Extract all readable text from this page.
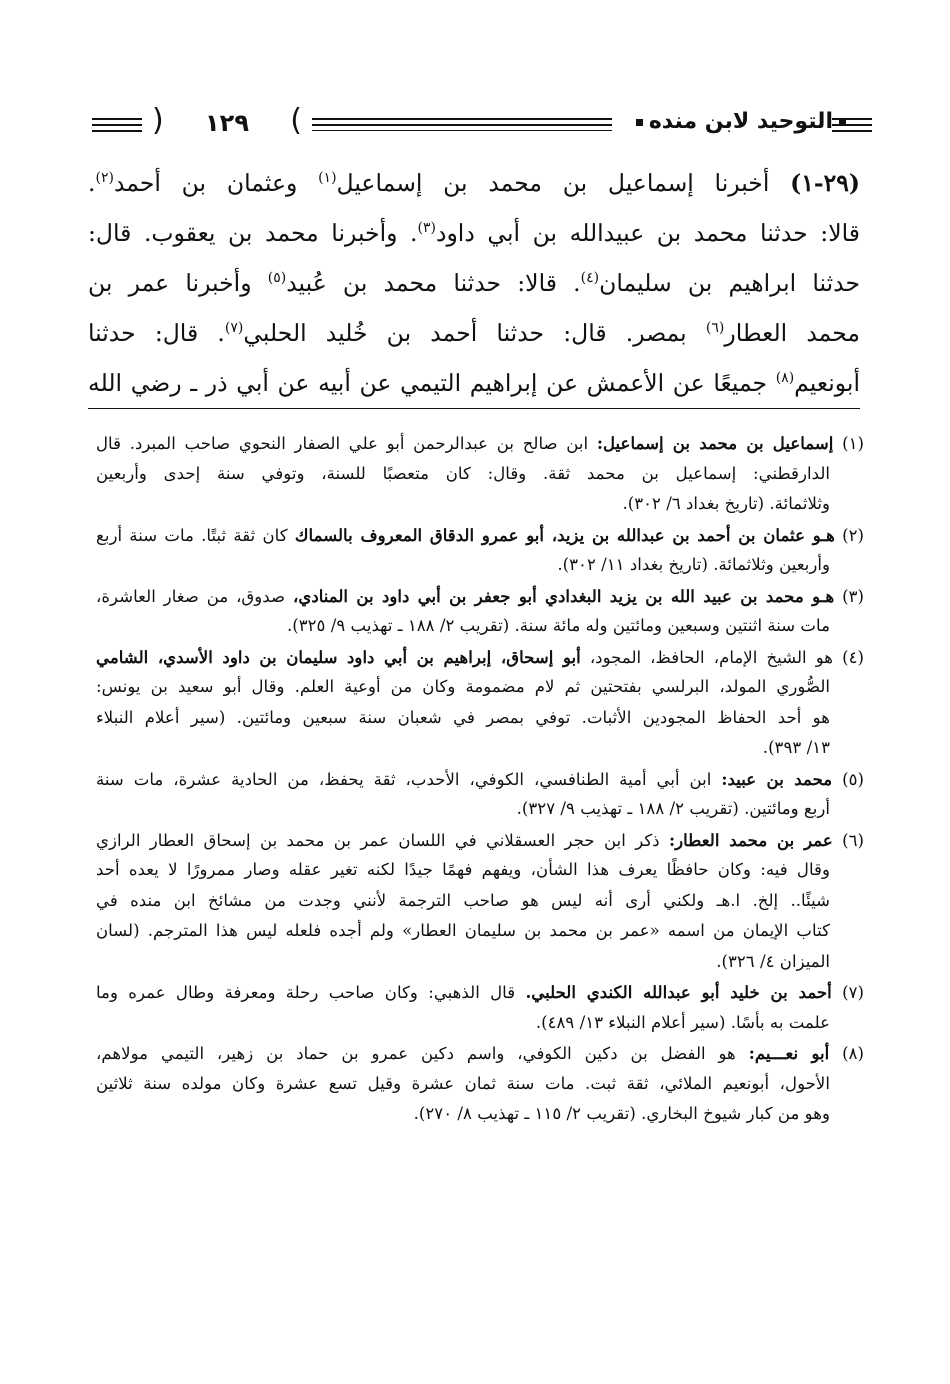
( ١٢٩ )	التوحيد لابن منده
(٢٩-١) أخبرنا إسماعيل بن محمد بن إسماعيل$^{(١)}$ وعثمان بن أحمد$^{(٢)}$.
قالا: حدثنا محمد بن عبيدالله بن أبي داود$^{(٣)}$. وأخبرنا محمد بن يعقوب. قال:
حدثنا ابراهيم بن سليمان$^{(٤)}$. قالا: حدثنا محمد بن عُبيد$^{(٥)}$ وأخبرنا عمر بن
محمد العطار$^{(٦)}$ بمصر. قال: حدثنا أحمد بن خُليد الحلبي$^{(٧)}$. قال: حدثنا
أبونعيم$^{(٨)}$ جميعًا عن الأعمش عن إبراهيم التيمي عن أبيه عن أبي ذر ـ رضي الله
(١) إسماعيل بن محمد بن إسماعيل: ابن صالح بن عبدالرحمن أبو علي الصفار النحوي صاحب المبرد. قال
الدارقطني: إسماعيل بن محمد ثقة. وقال: كان متعصبًا للسنة، وتوفي سنة إحدى وأربعين
وثلاثمائة. (تاريخ بغداد ٦/ ٣٠٢).
(٢) هـو عثمان بن أحمد بن عبدالله بن يزيد، أبو عمرو الدقاق المعروف بالسماك كان ثقة ثبتًا. مات سنة أربع
وأربعين وثلاثمائة. (تاريخ بغداد ١١/ ٣٠٢).
(٣) هـو محمد بن عبيد الله بن يزيد البغدادي أبو جعفر بن أبي داود بن المنادي، صدوق، من صغار العاشرة،
مات سنة اثنتين وسبعين ومائتين وله مائة سنة. (تقريب ٢/ ١٨٨ ـ تهذيب ٩/ ٣٢٥).
(٤) هو الشيخ الإمام، الحافظ، المجود، أبو إسحاق، إبراهيم بن أبي داود سليمان بن داود الأسدي، الشامي
الصُّوري المولد، البرلسي بفتحتين ثم لام مضمومة وكان من أوعية العلم. وقال أبو سعيد بن يونس:
هو أحد الحفاظ المجودين الأثبات. توفي بمصر في شعبان سنة سبعين ومائتين. (سير أعلام النبلاء
١٣/ ٣٩٣).
(٥) محمد بن عبيد: ابن أبي أمية الطنافسي، الكوفي، الأحدب، ثقة يحفظ، من الحادية عشرة، مات سنة
أربع ومائتين. (تقريب ٢/ ١٨٨ ـ تهذيب ٩/ ٣٢٧).
(٦) عمر بن محمد العطار: ذكر ابن حجر العسقلاني في اللسان عمر بن محمد بن إسحاق العطار الرازي
وقال فيه: وكان حافظًا يعرف هذا الشأن، ويفهم فهمًا جيدًا لكنه تغير عقله وصار ممرورًا لا يعده أحد
شيئًا.. إلخ. ا.هـ ولكني أرى أنه ليس هو صاحب الترجمة لأنني وجدت من مشائخ ابن منده في
كتاب الإيمان من اسمه «عمر بن محمد بن سليمان العطار» ولم أجده فلعله ليس هذا المترجم. (لسان
الميزان ٤/ ٣٢٦).
(٧) أحمد بن خليد أبو عبدالله الكندي الحلبي. قال الذهبي: وكان صاحب رحلة ومعرفة وطال عمره وما
علمت به بأسًا. (سير أعلام النبلاء ١٣/ ٤٨٩).
(٨) أبو نعـــيم: هو الفضل بن دكين الكوفي، واسم دكين عمرو بن حماد بن زهير، التيمي مولاهم،
الأحول، أبونعيم الملائي، ثقة ثبت. مات سنة ثمان عشرة وقيل تسع عشرة وكان مولده سنة ثلاثين
وهو من كبار شيوخ البخاري. (تقريب ٢/ ١١٥ ـ تهذيب ٨/ ٢٧٠).
